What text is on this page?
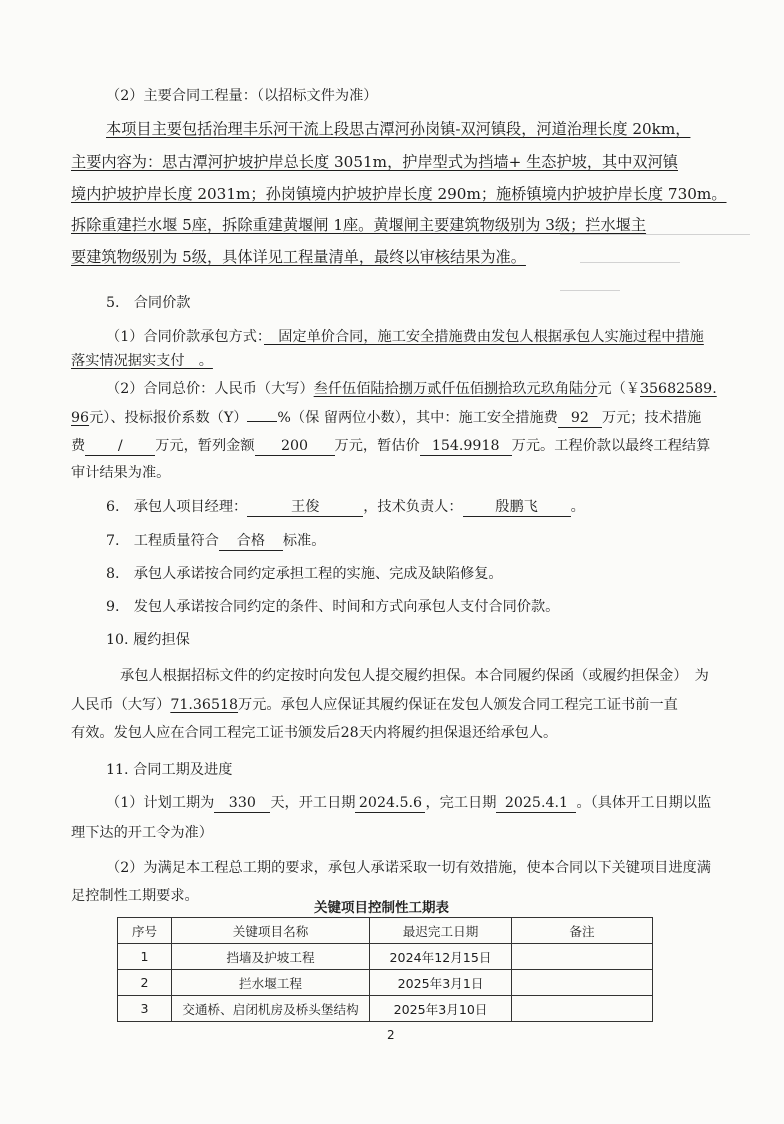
（2）主要合同工程量：（以招标文件为准）
本项目主要包括治理丰乐河干流上段思古潭河孙岗镇-双河镇段，河道治理长度 20km，
主要内容为：思古潭河护坡护岸总长度 3051m，护岸型式为挡墙+ 生态护坡，其中双河镇
境内护坡护岸长度 2031m；孙岗镇境内护坡护岸长度 290m；施桥镇境内护坡护岸长度 730m。
拆除重建拦水堰 5座，拆除重建黄堰闸 1座。黄堰闸主要建筑物级别为 3级；拦水堰主
要建筑物级别为 5级，具体详见工程量清单，最终以审核结果为准。
5.　合同价款
（1）合同价款承包方式：　固定单价合同，施工安全措施费由发包人根据承包人实施过程中措施
落实情况据实支付　。
（2）合同总价：人民币（大写）叁仟伍佰陆拾捌万贰仟伍佰捌拾玖元玖角陆分元（￥35682589.
96元）、投标报价系数（Y） %（保 留两位小数），其中：施工安全措施费 92 万元；技术措施
费 / 万元，暂列金额 200 万元，暂估价 154.9918 万元。工程价款以最终工程结算
审计结果为准。
6.　承包人项目经理：	王俊	，技术负责人： 殷鹏飞 。
7.　工程质量符合 合格 标准。
8.　承包人承诺按合同约定承担工程的实施、完成及缺陷修复。
9.　发包人承诺按合同约定的条件、时间和方式向承包人支付合同价款。
10. 履约担保
承包人根据招标文件的约定按时向发包人提交履约担保。本合同履约保函（或履约担保金）　为
人民币（大写）71.36518万元。承包人应保证其履约保证在发包人颁发合同工程完工证书前一直
有效。发包人应在合同工程完工证书颁发后28天内将履约担保退还给承包人。
11. 合同工期及进度
（1）计划工期为 330 天，开工日期 2024.5.6 ，完工日期 2025.4.1 。（具体开工日期以监
理下达的开工令为准）
（2）为满足本工程总工期的要求，承包人承诺采取一切有效措施，使本合同以下关键项目进度满
足控制性工期要求。
关键项目控制性工期表
序号	关键项目名称	最迟完工日期	备注
1	挡墙及护坡工程	2024年12月15日	
2	拦水堰工程	2025年3月1日	
3	交通桥、启闭机房及桥头堡结构	2025年3月10日	
2
